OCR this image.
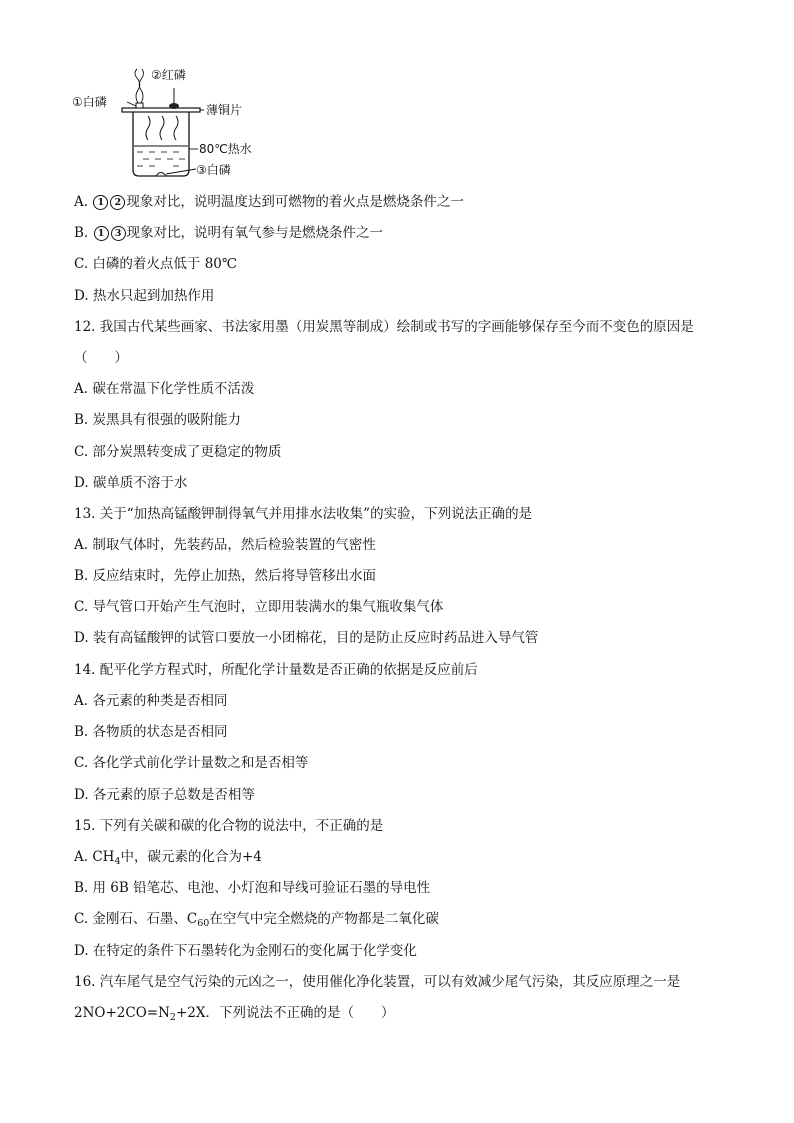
②红磷
①白磷
薄铜片
80℃热水
③白磷
A. 1 2 现象对比，说明温度达到可燃物的着火点是燃烧条件之一
B. 1 3 现象对比，说明有氧气参与是燃烧条件之一
C. 白磷的着火点低于 80℃
D. 热水只起到加热作用
12. 我国古代某些画家、书法家用墨（用炭黑等制成）绘制或书写的字画能够保存至今而不变色的原因是
（　　）
A. 碳在常温下化学性质不活泼
B. 炭黑具有很强的吸附能力
C. 部分炭黑转变成了更稳定的物质
D. 碳单质不溶于水
13. 关于“加热高锰酸钾制得氧气并用排水法收集”的实验，下列说法正确的是
A. 制取气体时，先装药品，然后检验装置的气密性
B. 反应结束时，先停止加热，然后将导管移出水面
C. 导气管口开始产生气泡时，立即用装满水的集气瓶收集气体
D. 装有高锰酸钾的试管口要放一小团棉花，目的是防止反应时药品进入导气管
14. 配平化学方程式时，所配化学计量数是否正确的依据是反应前后
A. 各元素的种类是否相同
B. 各物质的状态是否相同
C. 各化学式前化学计量数之和是否相等
D. 各元素的原子总数是否相等
15. 下列有关碳和碳的化合物的说法中，不正确的是
A. $CH_4$中，碳元素的化合为+4
B. 用 6B 铅笔芯、电池、小灯泡和导线可验证石墨的导电性
C. 金刚石、石墨、$C_{60}$在空气中完全燃烧的产物都是二氧化碳
D. 在特定的条件下石墨转化为金刚石的变化属于化学变化
16. 汽车尾气是空气污染的元凶之一，使用催化净化装置，可以有效减少尾气污染，其反应原理之一是
$2NO+2CO=N_2+2X$．下列说法不正确的是（　　）
